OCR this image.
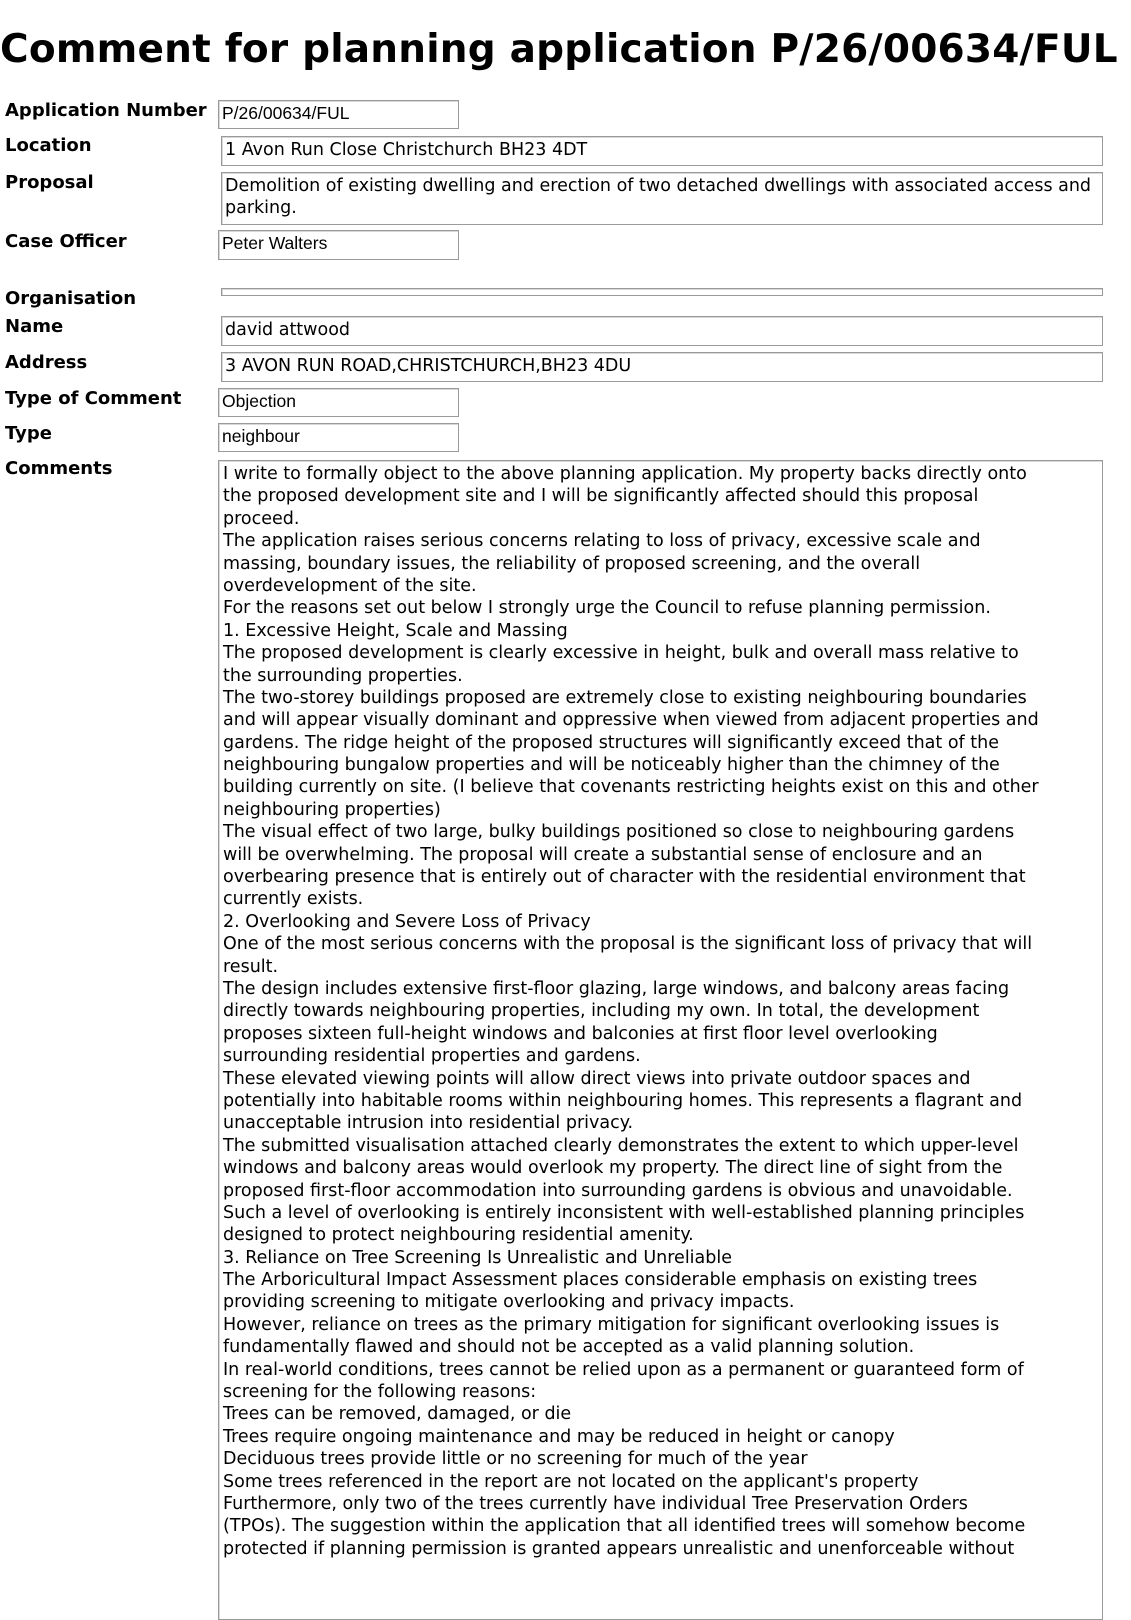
Comment for planning application P/26/00634/FUL
Application Number P/26/00634/FUL
Location	1 Avon Run Close Christchurch BH23 4DT
Proposal	Demolition of existing dwelling and erection of two detached dwellings with associated access and parking.
Case Officer	Peter Walters
Organisation
Name	david attwood
Address	3 AVON RUN ROAD,CHRISTCHURCH,BH23 4DU
Type of Comment Objection
Type	neighbour
Comments	I write to formally object to the above planning application. My property backs directly onto
the proposed development site and I will be significantly affected should this proposal
proceed.
The application raises serious concerns relating to loss of privacy, excessive scale and
massing, boundary issues, the reliability of proposed screening, and the overall
overdevelopment of the site.
For the reasons set out below I strongly urge the Council to refuse planning permission.
1. Excessive Height, Scale and Massing
The proposed development is clearly excessive in height, bulk and overall mass relative to
the surrounding properties.
The two-storey buildings proposed are extremely close to existing neighbouring boundaries
and will appear visually dominant and oppressive when viewed from adjacent properties and
gardens. The ridge height of the proposed structures will significantly exceed that of the
neighbouring bungalow properties and will be noticeably higher than the chimney of the
building currently on site. (I believe that covenants restricting heights exist on this and other
neighbouring properties)
The visual effect of two large, bulky buildings positioned so close to neighbouring gardens
will be overwhelming. The proposal will create a substantial sense of enclosure and an
overbearing presence that is entirely out of character with the residential environment that
currently exists.
2. Overlooking and Severe Loss of Privacy
One of the most serious concerns with the proposal is the significant loss of privacy that will
result.
The design includes extensive first-floor glazing, large windows, and balcony areas facing
directly towards neighbouring properties, including my own. In total, the development
proposes sixteen full-height windows and balconies at first floor level overlooking
surrounding residential properties and gardens.
These elevated viewing points will allow direct views into private outdoor spaces and
potentially into habitable rooms within neighbouring homes. This represents a flagrant and
unacceptable intrusion into residential privacy.
The submitted visualisation attached clearly demonstrates the extent to which upper-level
windows and balcony areas would overlook my property. The direct line of sight from the
proposed first-floor accommodation into surrounding gardens is obvious and unavoidable.
Such a level of overlooking is entirely inconsistent with well-established planning principles
designed to protect neighbouring residential amenity.
3. Reliance on Tree Screening Is Unrealistic and Unreliable
The Arboricultural Impact Assessment places considerable emphasis on existing trees
providing screening to mitigate overlooking and privacy impacts.
However, reliance on trees as the primary mitigation for significant overlooking issues is
fundamentally flawed and should not be accepted as a valid planning solution.
In real-world conditions, trees cannot be relied upon as a permanent or guaranteed form of
screening for the following reasons:
Trees can be removed, damaged, or die
Trees require ongoing maintenance and may be reduced in height or canopy
Deciduous trees provide little or no screening for much of the year
Some trees referenced in the report are not located on the applicant's property
Furthermore, only two of the trees currently have individual Tree Preservation Orders
(TPOs). The suggestion within the application that all identified trees will somehow become
protected if planning permission is granted appears unrealistic and unenforceable without
